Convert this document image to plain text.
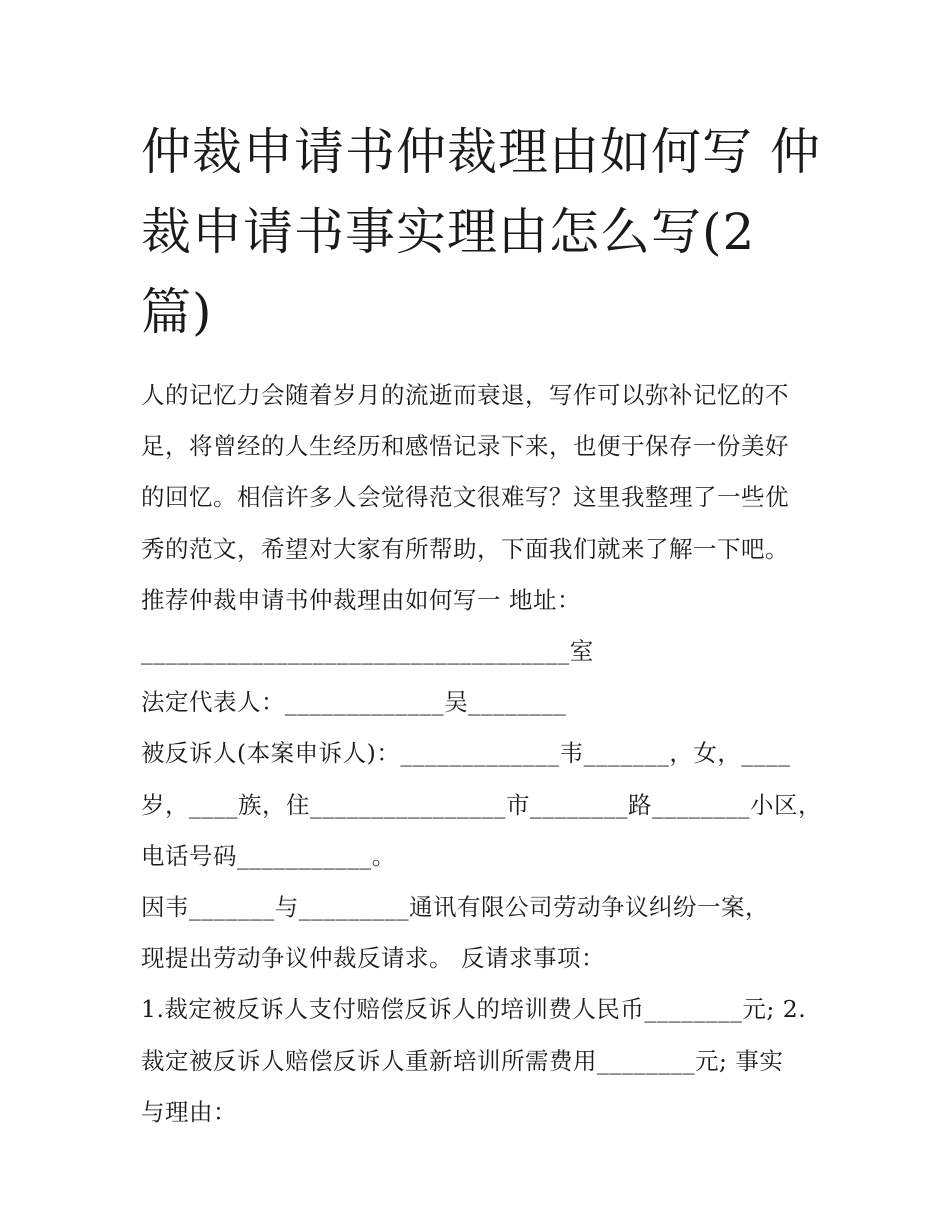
仲裁申请书仲裁理由如何写 仲裁申请书事实理由怎么写(2篇)
人的记忆力会随着岁月的流逝而衰退，写作可以弥补记忆的不
足，将曾经的人生经历和感悟记录下来，也便于保存一份美好
的回忆。相信许多人会觉得范文很难写？这里我整理了一些优
秀的范文，希望对大家有所帮助，下面我们就来了解一下吧。
推荐仲裁申请书仲裁理由如何写一 地址：
___________________________________室
法定代表人：_____________吴________
被反诉人(本案申诉人)：_____________韦_______，女，____
岁，____族，住________________市________路________小区，
电话号码___________。
因韦_______与_________通讯有限公司劳动争议纠纷一案，
现提出劳动争议仲裁反请求。 反请求事项：
1.裁定被反诉人支付赔偿反诉人的培训费人民币________元; 2.
裁定被反诉人赔偿反诉人重新培训所需费用________元; 事实
与理由：
